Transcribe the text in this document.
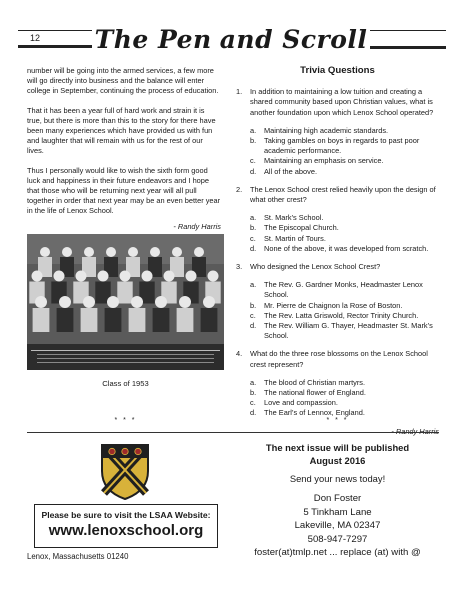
12	The Pen and Scroll

number will be going into the armed services, a few more will go directly into business and the balance will enter college in September, continuing the process of education.

That it has been a year full of hard work and strain it is true, but there is more than this to the story for there have been many experiences which have provided us with fun and laughter that will remain with us for the rest of our lives.

Thus I personally would like to wish the sixth form good luck and happiness in their future endeavors and I hope that those who will be returning next year will all pull together in order that next year may be an even better year in the life of Lenox School.

- Randy Harris
Class of 1953
* * *
Trivia Questions
1.	In addition to maintaining a low tuition and creating a shared community based upon Christian values, what is another foundation upon which Lenox School operated?
a.	Maintaining high academic standards.
b.	Taking gambles on boys in regards to past poor academic performance.
c.	Maintaining an emphasis on service.
d.	All of the above.
2.	The Lenox School crest relied heavily upon the design of what other crest?
a.	St. Mark’s School.
b.	The Episcopal Church.
c.	St. Martin of Tours.
d.	None of the above, it was developed from scratch.
3.	Who designed the Lenox School Crest?
a.	The Rev. G. Gardner Monks, Headmaster Lenox School.
b.	Mr. Pierre de Chaignon la Rose of Boston.
c.	The Rev. Latta Griswold, Rector Trinity Church.
d.	The Rev. William G. Thayer, Headmaster St. Mark’s School.
4.	What do the three rose blossoms on the Lenox School crest represent?
a.	The blood of Christian martyrs.
b.	The national flower of England.
c.	Love and compassion.
d.	The Earl’s of Lennox, England.
* * *
Please be sure to visit the LSAA Website:
www.lenoxschool.org
Lenox, Massachusetts 01240
The next issue will be published
August 2016
Send your news today!
Don Foster
5 Tinkham Lane
Lakeville, MA 02347
508-947-7297
foster(at)tmlp.net ... replace (at) with @
